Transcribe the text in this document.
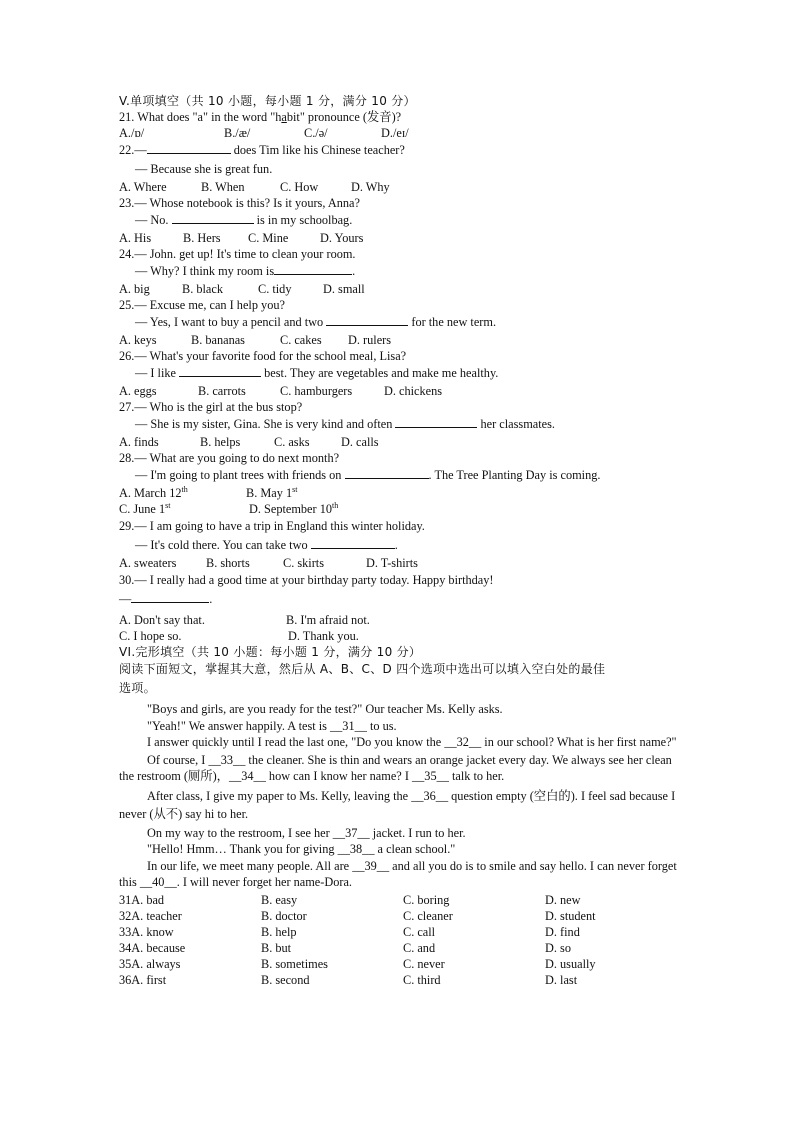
V.单项填空（共 10 小题，每小题 1 分，满分 10 分）
21. What does "a" in the word "habit" pronounce (发音)?
A./ɒ/	B./æ/	C./ə/	D./eɪ/
22.—	does Tim like his Chinese teacher?
— Because she is great fun.
A. Where	B. When	C. How	D. Why
23.— Whose notebook is this? Is it yours, Anna?
— No.	is in my schoolbag.
A. His	B. Hers C. Mine	D. Yours
24.— John. get up! It's time to clean your room.
— Why? I think my room is	.
A. big	B. black	C. tidy	D. small
25.— Excuse me, can I help you?
— Yes, I want to buy a pencil and two	for the new term.
A. keys	B. bananas	C. cakes D. rulers
26.— What's your favorite food for the school meal, Lisa?
— I like	best. They are vegetables and make me healthy.
A. eggs	B. carrots	C. hamburgers	D. chickens
27.— Who is the girl at the bus stop?
— She is my sister, Gina. She is very kind and often	her classmates.
A. finds	B. helps	C. asks	D. calls
28.— What are you going to do next month?
— I'm going to plant trees with friends on	. The Tree Planting Day is coming.
A. March 12th	B. May 1st
C. June 1st	D. September 10th
29.— I am going to have a trip in England this winter holiday.
— It's cold there. You can take two	.
A. sweaters B. shorts	C. skirts	D. T-shirts
30.— I really had a good time at your birthday party today. Happy birthday!
—	.
A. Don't say that.	B. I'm afraid not.
C. I hope so.	D. Thank you.
VI.完形填空（共 10 小题：每小题 1 分，满分 10 分）
阅读下面短文，掌握其大意，然后从 A、B、C、D 四个选项中选出可以填入空白处的最佳
选项。
"Boys and girls, are you ready for the test?" Our teacher Ms. Kelly asks.
"Yeah!" We answer happily. A test is __31__ to us.
I answer quickly until I read the last one, "Do you know the __32__ in our school? What is her first name?"
Of course, I __33__ the cleaner. She is thin and wears an orange jacket every day. We always see her clean the restroom (厕所)，__34__ how can I know her name? I __35__ talk to her.
After class, I give my paper to Ms. Kelly, leaving the __36__ question empty (空白的). I feel sad because I never (从不) say hi to her.
On my way to the restroom, I see her __37__ jacket. I run to her.
"Hello! Hmm… Thank you for giving __38__ a clean school."
In our life, we meet many people. All are __39__ and all you do is to smile and say hello. I can never forget this __40__. I will never forget her name-Dora.
31A. bad	B. easy	C. boring	D. new
32A. teacher	B. doctor	C. cleaner	D. student
33A. know	B. help	C. call	D. find
34A. because	B. but	C. and	D. so
35A. always	B. sometimes	C. never	D. usually
36A. first	B. second	C. third	D. last
